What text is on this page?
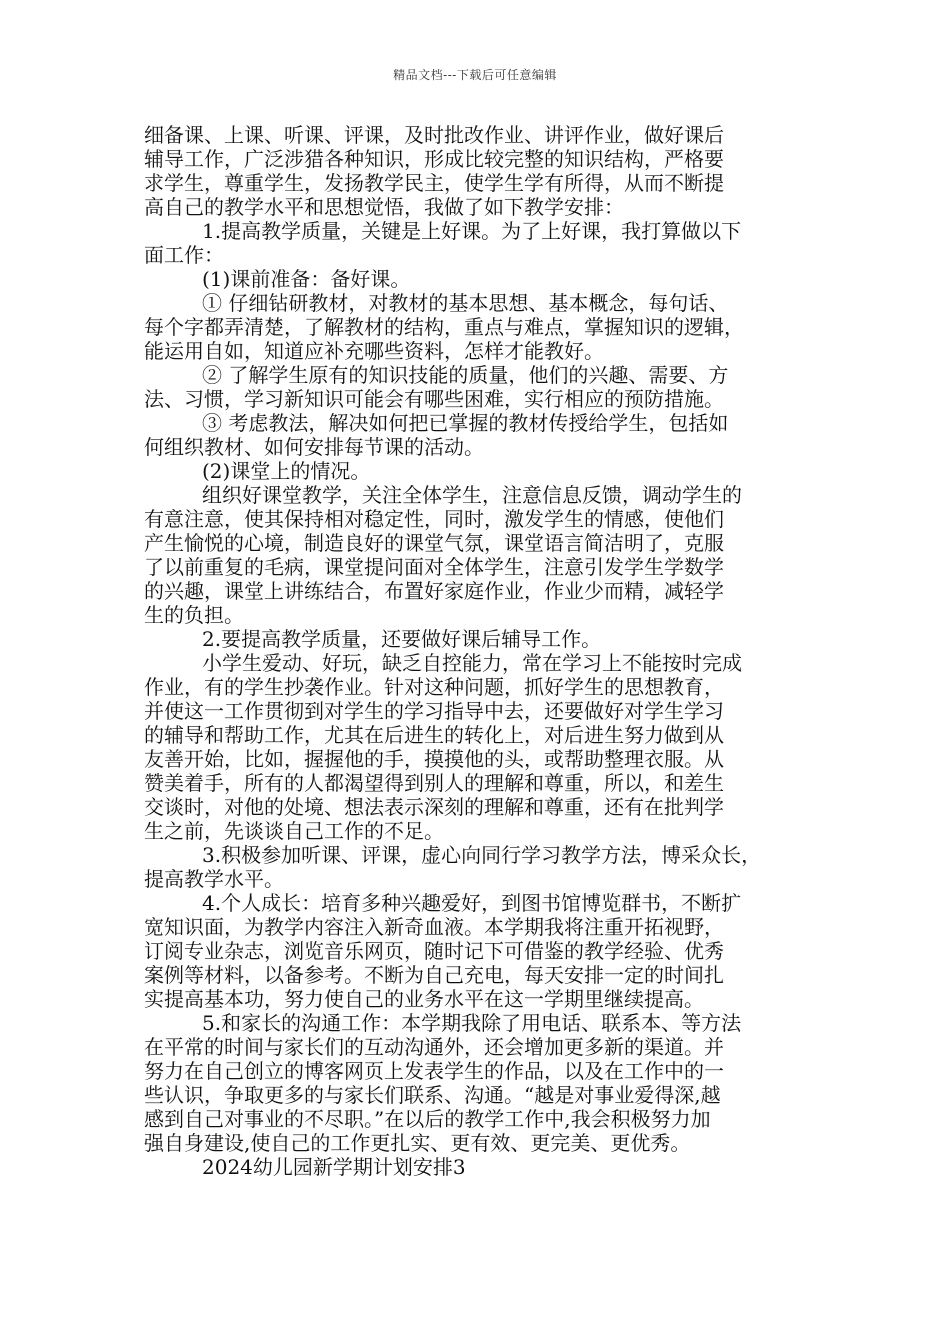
精品文档---下载后可任意编辑
细备课、上课、听课、评课，及时批改作业、讲评作业，做好课后
辅导工作，广泛涉猎各种知识，形成比较完整的知识结构，严格要
求学生，尊重学生，发扬教学民主，使学生学有所得，从而不断提
高自己的教学水平和思想觉悟，我做了如下教学安排：
1.提高教学质量，关键是上好课。为了上好课，我打算做以下
面工作：
(1)课前准备：备好课。
① 仔细钻研教材，对教材的基本思想、基本概念，每句话、
每个字都弄清楚，了解教材的结构，重点与难点，掌握知识的逻辑，
能运用自如，知道应补充哪些资料，怎样才能教好。
② 了解学生原有的知识技能的质量，他们的兴趣、需要、方
法、习惯，学习新知识可能会有哪些困难，实行相应的预防措施。
③ 考虑教法，解决如何把已掌握的教材传授给学生，包括如
何组织教材、如何安排每节课的活动。
(2)课堂上的情况。
组织好课堂教学，关注全体学生，注意信息反馈，调动学生的
有意注意，使其保持相对稳定性，同时，激发学生的情感，使他们
产生愉悦的心境，制造良好的课堂气氛，课堂语言简洁明了，克服
了以前重复的毛病，课堂提问面对全体学生，注意引发学生学数学
的兴趣，课堂上讲练结合，布置好家庭作业，作业少而精，减轻学
生的负担。
2.要提高教学质量，还要做好课后辅导工作。
小学生爱动、好玩，缺乏自控能力，常在学习上不能按时完成
作业，有的学生抄袭作业。针对这种问题，抓好学生的思想教育，
并使这一工作贯彻到对学生的学习指导中去，还要做好对学生学习
的辅导和帮助工作，尤其在后进生的转化上，对后进生努力做到从
友善开始，比如，握握他的手，摸摸他的头，或帮助整理衣服。从
赞美着手，所有的人都渴望得到别人的理解和尊重，所以，和差生
交谈时，对他的处境、想法表示深刻的理解和尊重，还有在批判学
生之前，先谈谈自己工作的不足。
3.积极参加听课、评课，虚心向同行学习教学方法，博采众长，
提高教学水平。
4.个人成长：培育多种兴趣爱好，到图书馆博览群书，不断扩
宽知识面，为教学内容注入新奇血液。本学期我将注重开拓视野，
订阅专业杂志，浏览音乐网页，随时记下可借鉴的教学经验、优秀
案例等材料，以备参考。不断为自己充电，每天安排一定的时间扎
实提高基本功，努力使自己的业务水平在这一学期里继续提高。
5.和家长的沟通工作：本学期我除了用电话、联系本、等方法
在平常的时间与家长们的互动沟通外，还会增加更多新的渠道。并
努力在自己创立的博客网页上发表学生的作品，以及在工作中的一
些认识，争取更多的与家长们联系、沟通。“越是对事业爱得深,越
感到自己对事业的不尽职。”在以后的教学工作中,我会积极努力加
强自身建设,使自己的工作更扎实、更有效、更完美、更优秀。
2024幼儿园新学期计划安排3
